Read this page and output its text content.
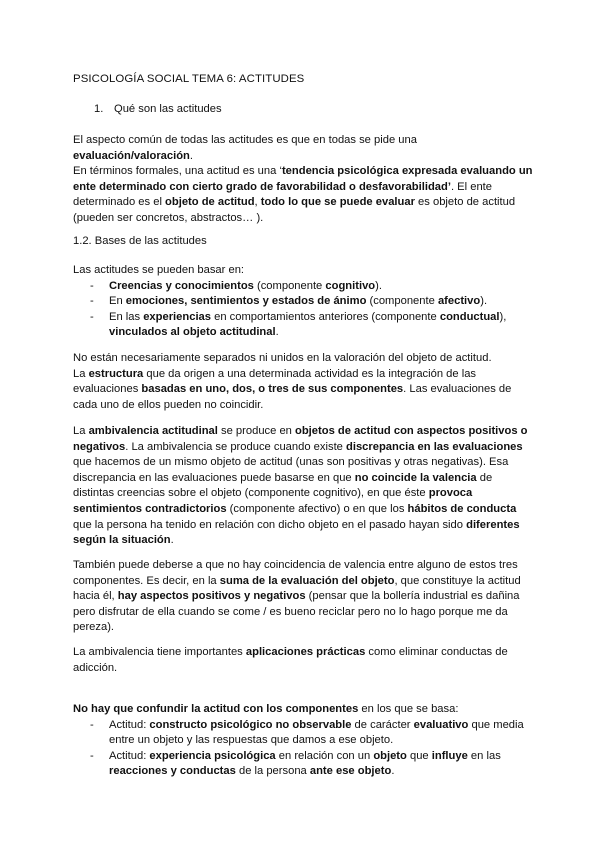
PSICOLOGÍA SOCIAL TEMA 6: ACTITUDES
1. Qué son las actitudes

El aspecto común de todas las actitudes es que en todas se pide una evaluación/valoración.
En términos formales, una actitud es una ‘tendencia psicológica expresada evaluando un ente determinado con cierto grado de favorabilidad o desfavorabilidad’. El ente determinado es el objeto de actitud, todo lo que se puede evaluar es objeto de actitud (pueden ser concretos, abstractos… ).

1.2. Bases de las actitudes
Las actitudes se pueden basar en:
- Creencias y conocimientos (componente cognitivo).
- En emociones, sentimientos y estados de ánimo (componente afectivo).
- En las experiencias en comportamientos anteriores (componente conductual), vinculados al objeto actitudinal.

No están necesariamente separados ni unidos en la valoración del objeto de actitud.
La estructura que da origen a una determinada actividad es la integración de las evaluaciones basadas en uno, dos, o tres de sus componentes. Las evaluaciones de cada uno de ellos pueden no coincidir.

La ambivalencia actitudinal se produce en objetos de actitud con aspectos positivos o negativos. La ambivalencia se produce cuando existe discrepancia en las evaluaciones que hacemos de un mismo objeto de actitud (unas son positivas y otras negativas). Esa discrepancia en las evaluaciones puede basarse en que no coincide la valencia de distintas creencias sobre el objeto (componente cognitivo), en que éste provoca sentimientos contradictorios (componente afectivo) o en que los hábitos de conducta que la persona ha tenido en relación con dicho objeto en el pasado hayan sido diferentes según la situación.

También puede deberse a que no hay coincidencia de valencia entre alguno de estos tres componentes. Es decir, en la suma de la evaluación del objeto, que constituye la actitud hacia él, hay aspectos positivos y negativos (pensar que la bollería industrial es dañina pero disfrutar de ella cuando se come / es bueno reciclar pero no lo hago porque me da pereza).

La ambivalencia tiene importantes aplicaciones prácticas como eliminar conductas de adicción.

No hay que confundir la actitud con los componentes en los que se basa:
- Actitud: constructo psicológico no observable de carácter evaluativo que media entre un objeto y las respuestas que damos a ese objeto.
- Actitud: experiencia psicológica en relación con un objeto que influye en las reacciones y conductas de la persona ante ese objeto.
